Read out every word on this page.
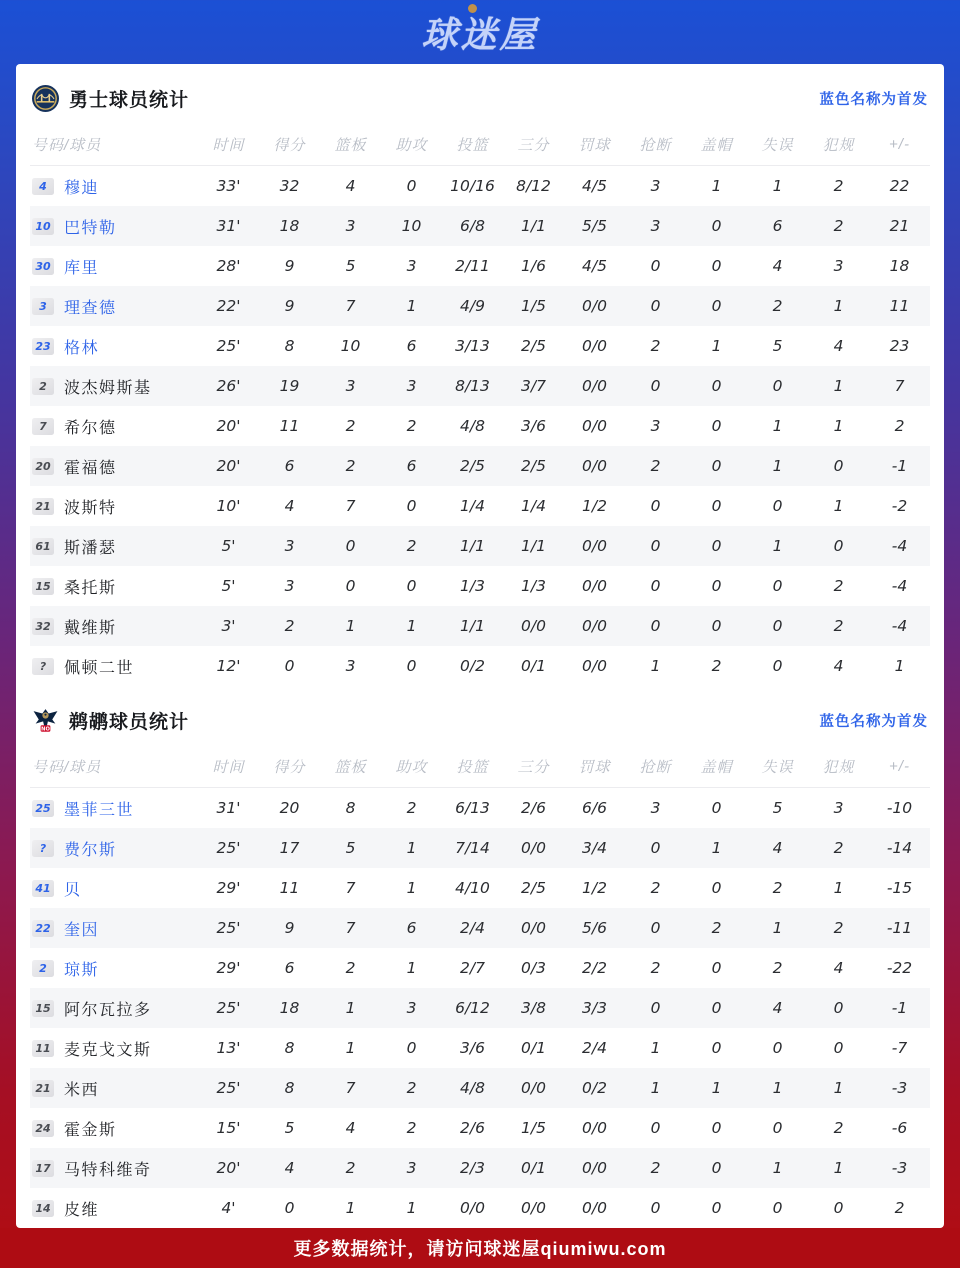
球迷屋
勇士球员统计	蓝色名称为首发
号码/球员	时间	得分	篮板	助攻	投篮	三分	罚球	抢断	盖帽	失误	犯规	+/-

4 穆迪	33'	32	4	0	10/16	8/12	4/5	3	1	1	2	22

10 巴特勒	31'	18	3	10	6/8	1/1	5/5	3	0	6	2	21

30 库里	28'	9	5	3	2/11	1/6	4/5	0	0	4	3	18

3 理查德	22'	9	7	1	4/9	1/5	0/0	0	0	2	1	11

23 格林	25'	8	10	6	3/13	2/5	0/0	2	1	5	4	23

2 波杰姆斯基	26'	19	3	3	8/13	3/7	0/0	0	0	0	1	7

7 希尔德	20'	11	2	2	4/8	3/6	0/0	3	0	1	1	2

20 霍福德	20'	6	2	6	2/5	2/5	0/0	2	0	1	0	-1

21 波斯特	10'	4	7	0	1/4	1/4	1/2	0	0	0	1	-2

61 斯潘瑟	5'	3	0	2	1/1	1/1	0/0	0	0	1	0	-4

15 桑托斯	5'	3	0	0	1/3	1/3	0/0	0	0	0	2	-4

32 戴维斯	3'	2	1	1	1/1	0/0	0/0	0	0	0	2	-4

? 佩顿二世	12'	0	3	0	0/2	0/1	0/0	1	2	0	4	1
NO 鹈鹕球员统计	蓝色名称为首发
号码/球员	时间	得分	篮板	助攻	投篮	三分	罚球	抢断	盖帽	失误	犯规	+/-

25 墨菲三世	31'	20	8	2	6/13	2/6	6/6	3	0	5	3	-10

? 费尔斯	25'	17	5	1	7/14	0/0	3/4	0	1	4	2	-14

41 贝	29'	11	7	1	4/10	2/5	1/2	2	0	2	1	-15

22 奎因	25'	9	7	6	2/4	0/0	5/6	0	2	1	2	-11

2 琼斯	29'	6	2	1	2/7	0/3	2/2	2	0	2	4	-22

15 阿尔瓦拉多	25'	18	1	3	6/12	3/8	3/3	0	0	4	0	-1

11 麦克戈文斯	13'	8	1	0	3/6	0/1	2/4	1	0	0	0	-7

21 米西	25'	8	7	2	4/8	0/0	0/2	1	1	1	1	-3

24 霍金斯	15'	5	4	2	2/6	1/5	0/0	0	0	0	2	-6

17 马特科维奇	20'	4	2	3	2/3	0/1	0/0	2	0	1	1	-3

14 皮维	4'	0	1	1	0/0	0/0	0/0	0	0	0	0	2
更多数据统计，请访问球迷屋qiumiwu.com
